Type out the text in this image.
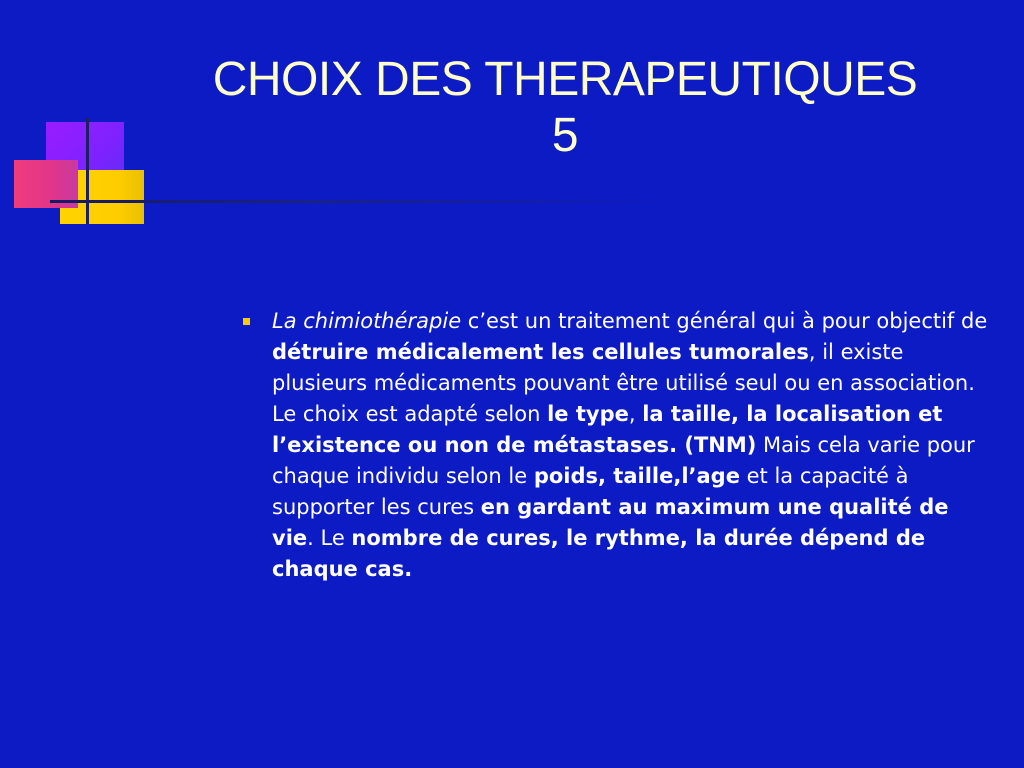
CHOIX DES THERAPEUTIQUES
5
La chimiothérapie c’est un traitement général qui à pour objectif de détruire médicalement les cellules tumorales, il existe plusieurs médicaments pouvant être utilisé seul ou en association. Le choix est adapté selon le type, la taille, la localisation et l’existence ou non de métastases. (TNM) Mais cela varie pour chaque individu selon le poids, taille,l’age et la capacité à supporter les cures en gardant au maximum une qualité de vie. Le nombre de cures, le rythme, la durée dépend de chaque cas.
